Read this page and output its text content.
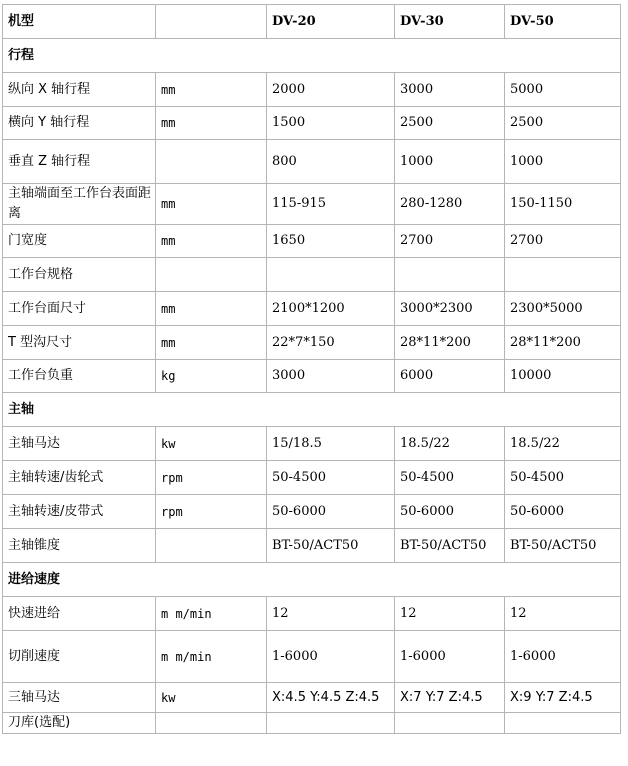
机型		DV-20	DV-30	DV-50
行程				
纵向 X 轴行程	mm	2000	3000	5000
横向 Y 轴行程	mm	1500	2500	2500
垂直 Z 轴行程		800	1000	1000
主轴端面至工作台表面距离	mm	115-915	280-1280	150-1150
门宽度	mm	1650	2700	2700
工作台规格				
工作台面尺寸	mm	2100*1200	3000*2300	2300*5000
T 型沟尺寸	mm	22*7*150	28*11*200	28*11*200
工作台负重	kg	3000	6000	10000
主轴				
主轴马达	kw	15/18.5	18.5/22	18.5/22
主轴转速/齿轮式	rpm	50-4500	50-4500	50-4500
主轴转速/皮带式	rpm	50-6000	50-6000	50-6000
主轴锥度		BT-50/ACT50	BT-50/ACT50	BT-50/ACT50
进给速度				
快速进给	m m/min	12	12	12
切削速度	m m/min	1-6000	1-6000	1-6000
三轴马达	kw	X:4.5 Y:4.5 Z:4.5	X:7 Y:7 Z:4.5	X:9 Y:7 Z:4.5
刀库(选配)				
